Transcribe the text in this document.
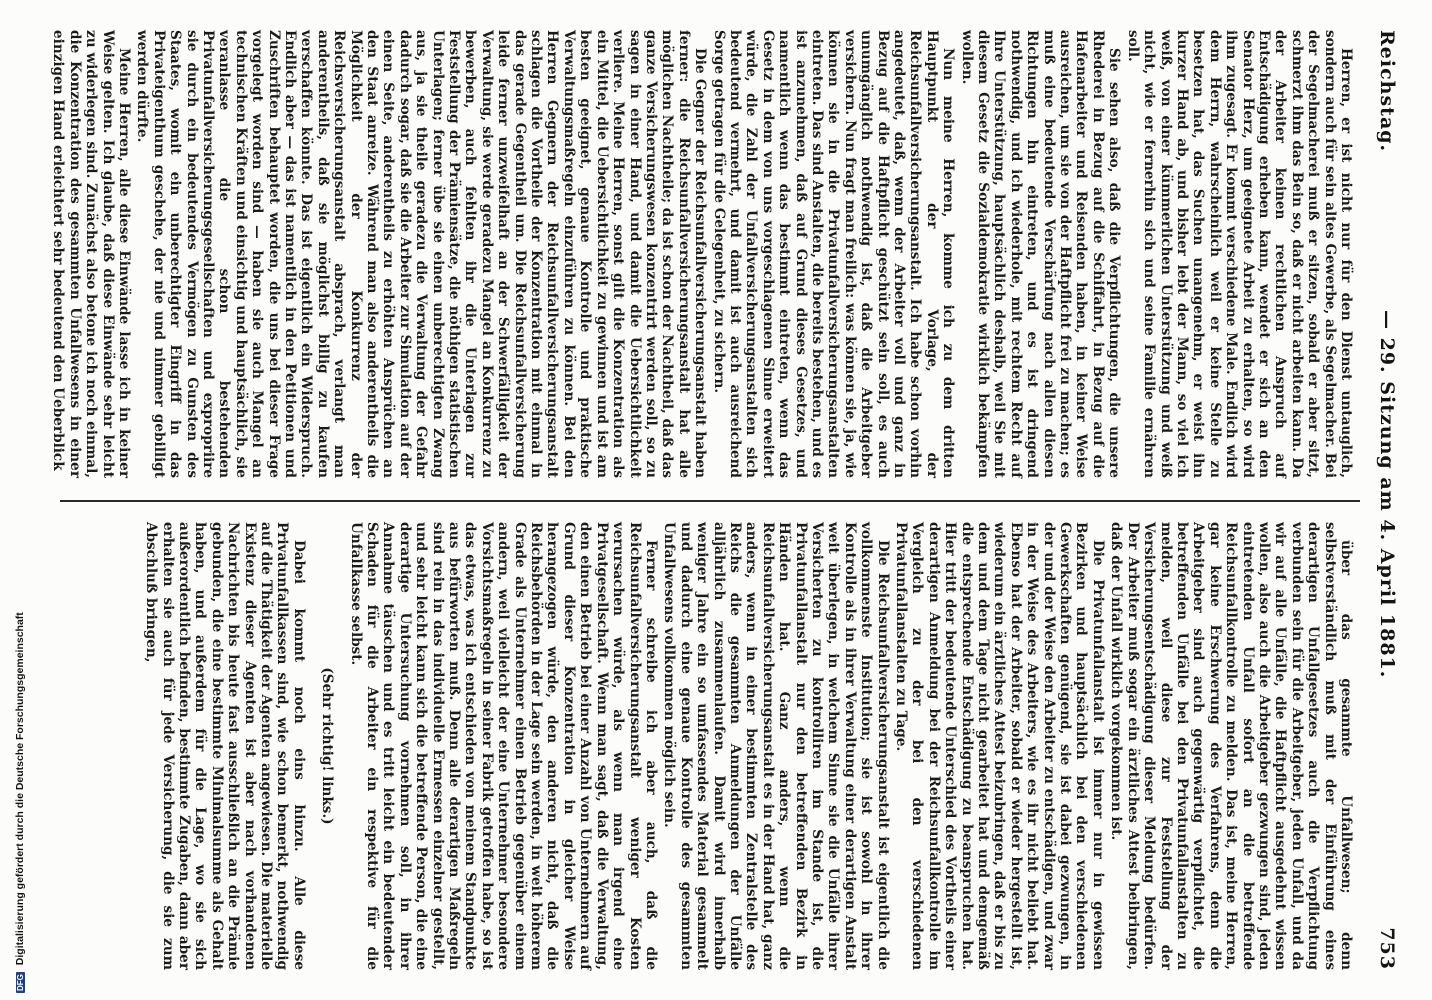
DFG Digitalisierung gefördert durch die Deutsche Forschungsgemeinschaft
Reichstag.
— 29. Sitzung am 4. April 1881.
753

Herren, er ist nicht nur für den Dienst untauglich, sondern auch für sein altes Gewerbe, als Segelmacher. Bei der Segelmacherei muß er sitzen, sobald er aber sitzt, schmerzt ihm das Bein so, daß er nicht arbeiten kann. Da der Arbeiter keinen rechtlichen Anspruch auf Entschädigung erheben kann, wendet er sich an den Senator Herz, um geeignete Arbeit zu erhalten, so wird ihm zugesagt. Er kommt verschiedene Male. Endlich wird dem Herrn, wahrscheinlich weil er keine Stelle zu besetzen hat, das Suchen unangenehm, er weist ihn kurzer Hand ab, und bisher lebt der Mann, so viel ich weiß, von einer kümmerlichen Unterstützung und weiß nicht, wie er fernerhin sich und seine Familie ernähren soll.

Sie sehen also, daß die Verpflichtungen, die unsere Rhederei in Bezug auf die Schiffahrt, in Bezug auf die Hafenarbeiter und Reisenden haben, in keiner Weise ausreichen, um sie von der Haftpflicht frei zu machen; es muß eine bedeutende Verschärfung nach allen diesen Richtungen hin eintreten, und es ist dringend nothwendig, und ich wiederhole, mit rechtem Recht auf Ihre Unterstützung, hauptsächlich deshalb, weil Sie mit diesem Gesetz die Sozialdemokratie wirklich bekämpfen wollen.

Nun meine Herren, komme ich zu dem dritten Hauptpunkt der Vorlage, der Reichsunfallversicherungsanstalt. Ich habe schon vorhin angedeutet, daß, wenn der Arbeiter voll und ganz in Bezug auf die Haftpflicht geschützt sein soll, es auch unumgänglich nothwendig ist, daß die Arbeitgeber versichern. Nun fragt man freilich: was können sie, ja, wie können sie in die Privatunfallversicherungsanstalten eintreten. Das sind Anstalten, die bereits bestehen, und es ist anzunehmen, daß auf Grund dieses Gesetzes, und namentlich wenn das bestimmt eintreten, wenn das Gesetz in dem von uns vorgeschlagenen Sinne erweitert würde, die Zahl der Unfallversicherungsanstalten sich bedeutend vermehrt, und damit ist auch ausreichend Sorge getragen für die Gelegenheit, zu sichern.

Die Gegner der Reichsunfallversicherungsanstalt haben ferner: die Reichsunfallversicherungsanstalt hat alle möglichen Nachtheile; da ist schon der Nachtheil, daß das ganze Versicherungswesen konzentrirt werden soll, so zu sagen in einer Hand, und damit die Uebersichtlichkeit verliere. Meine Herren, sonst gilt die Konzentration als ein Mittel, die Uebersichtlichkeit zu gewinnen und ist am besten geeignet, genaue Kontrolle und praktische Verwaltungsmaßregeln einzuführen zu können. Bei den Herren Gegnern der Reichsunfallversicherungsanstalt schlagen die Vortheile der Konzentration mit einmal in das gerade Gegentheil um. Die Reichsunfallversicherung leide ferner unzweifelhaft an der Schwerfälligkeit der Verwaltung, sie werde geradezu Mangel an Konkurrenz zu bewerben, auch fehlten ihr die Unterlagen zur Feststellung der Prämiensätze, die nöthigen statistischen Unterlagen; ferner übe sie einen unberechtigten Zwang aus, ja sie theile geradezu die Verwaltung der Gefahr dadurch sogar, daß sie die Arbeiter zur Simulation auf der einen Seite, anderentheils zu erhöhten Ansprüchen an den Staat anreize. Während man also anderentheils die Möglichkeit der Konkurrenz der Reichsversicherungsanstalt absprach, verlangt man anderentheils, daß sie möglichst billig zu kaufen verschaffen könnte. Das ist eigentlich ein Widerspruch. Endlich aber — das ist namentlich in den Petitionen und Zuschriften behauptet worden, die uns bei dieser Frage vorgelegt worden sind — haben sie auch Mangel an technischen Kräften und einsichtig und hauptsächlich, sie veranlasse die schon bestehenden Privatunfallversicherungsgesellschaften und expropriire sie durch ein bedeutendes Vermögen zu Gunsten des Staates, womit ein unberechtigter Eingriff in das Privateigenthum geschehe, der nie und nimmer gebilligt werden dürfte.

Meine Herren, alle diese Einwände lasse ich in keiner Weise gelten. Ich glaube, daß diese Einwände sehr leicht zu widerlegen sind. Zunächst also betone ich noch einmal, die Konzentration des gesammten Unfallwesens in einer einzigen Hand erleichtert sehr bedeutend den Ueberblick

über das gesammte Unfallwesen; denn selbstverständlich muß mit der Einführung eines derartigen Unfallgesetzes auch die Verpflichtung verbunden sein für die Arbeitgeber, jeden Unfall, und da wir auf alle Unfälle, die Haftpflicht ausgedehnt wissen wollen, also auch die Arbeitgeber gezwungen sind, jeden eintretenden Unfall sofort an die betreffende Reichsunfallkontrolle zu melden. Das ist, meine Herren, gar keine Erschwerung des Verfahrens, denn die Arbeitgeber sind auch gegenwärtig verpflichtet, die betreffenden Unfälle bei den Privatunfallanstalten zu melden, weil diese zur Feststellung der Versicherungsentschädigung dieser Meldung bedürfen. Der Arbeiter muß sogar ein ärztliches Attest beibringen, daß der Unfall wirklich vorgekommen ist.

Die Privatunfallanstalt ist immer nur in gewissen Bezirken und hauptsächlich bei den verschiedenen Gewerkschaften genügend, sie ist dabei gezwungen, in der und der Weise den Arbeiter zu entschädigen, und zwar in der Weise des Arbeiters, wie es ihr nicht beliebt hat. Ebenso hat der Arbeiter, sobald er wieder hergestellt ist, wiederum ein ärztliches Attest beizubringen, daß er bis zu dem und dem Tage nicht gearbeitet hat und demgemäß die entsprechende Entschädigung zu beanspruchen hat. Hier tritt der bedeutende Unterschied des Vortheils einer derartigen Anmeldung bei der Reichsunfallkontrolle im Vergleich zu der bei den verschiedenen Privatunfallanstalten zu Tage.

Die Reichsunfallversicherungsanstalt ist eigentlich die vollkommenste Institution; sie ist sowohl in ihrer Kontrolle als in ihrer Verwaltung einer derartigen Anstalt weit überlegen, in welchem Sinne sie die Unfälle ihrer Versicherten zu kontrolliren im Stande ist, die Privatunfallanstalt nur den betreffenden Bezirk in Händen hat. Ganz anders, wenn die Reichsunfallversicherungsanstalt es in der Hand hat, ganz anders, wenn in einer bestimmten Zentralstelle des Reichs die gesammten Anmeldungen der Unfälle alljährlich zusammenlaufen. Damit wird innerhalb weniger Jahre ein so umfassendes Material gesammelt und dadurch eine genaue Kontrolle des gesammten Unfallwesens vollkommen möglich sein.

Ferner schreibe ich aber auch, daß die Reichsunfallversicherungsanstalt weniger Kosten verursachen würde, als wenn man irgend eine Privatgesellschaft. Wenn man sagt, daß die Verwaltung, den einen Betrieb bei einer Anzahl von Unternehmern auf Grund dieser Konzentration in gleicher Weise herangezogen würde, den anderen nicht, daß die Reichsbehörden in der Lage sein werden, in weit höherem Grade als Unternehmer einen Betrieb gegenüber einem andern, weil vielleicht der eine Unternehmer besondere Vorsichtsmaßregeln in seiner Fabrik getroffen habe, so ist das etwas, was ich entschieden von meinem Standpunkte aus befürworten muß. Denn alle derartigen Maßregeln sind rein in das individuelle Ermessen einzelner gestellt, und sehr leicht kann sich die betreffende Person, die eine derartige Untersuchung vornehmen soll, in ihrer Annahme täuschen und es tritt leicht ein bedeutender Schaden für die Arbeiter ein respektive für die Unfallkasse selbst.

(Sehr richtig! links.)

Dabei kommt noch eins hinzu. Alle diese Privatunfallkassen sind, wie schon bemerkt, nothwendig auf die Thätigkeit der Agenten angewiesen. Die materielle Existenz dieser Agenten ist aber nach vorhandenen Nachrichten bis heute fast ausschließlich an die Prämie gebunden, die eine bestimmte Minimalsumme als Gehalt haben, und außerdem für die Lage, wo sie sich außerordentlich befinden, bestimmte Zugaben, dann aber erhalten sie auch für jede Versicherung, die sie zum Abschluß bringen,
